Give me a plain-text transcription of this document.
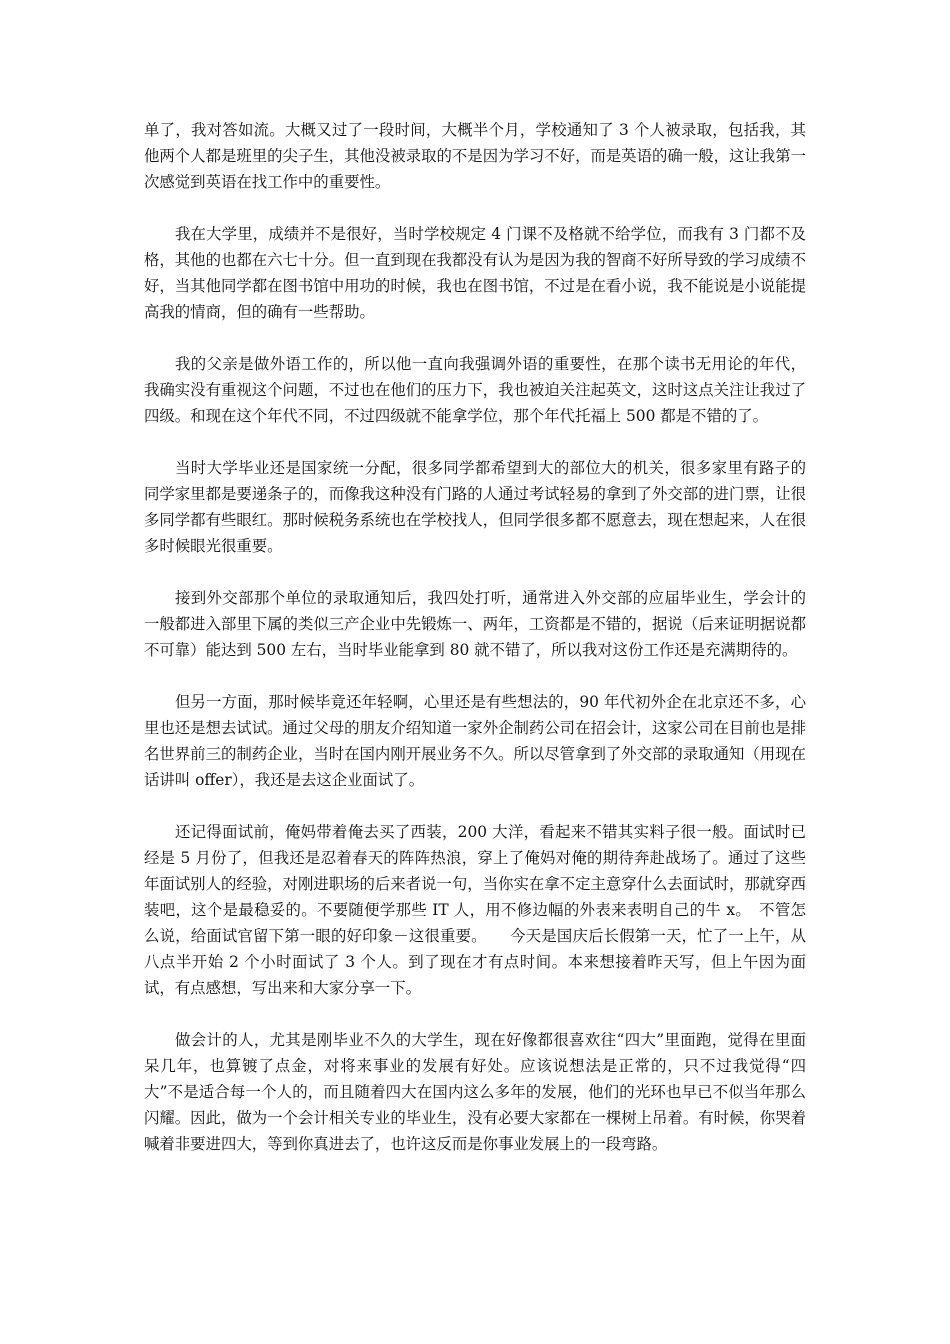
单了，我对答如流。大概又过了一段时间，大概半个月，学校通知了 3 个人被录取，包括我，其他两个人都是班里的尖子生，其他没被录取的不是因为学习不好，而是英语的确一般，这让我第一次感觉到英语在找工作中的重要性。

我在大学里，成绩并不是很好，当时学校规定 4 门课不及格就不给学位，而我有 3 门都不及格，其他的也都在六七十分。但一直到现在我都没有认为是因为我的智商不好所导致的学习成绩不好，当其他同学都在图书馆中用功的时候，我也在图书馆，不过是在看小说，我不能说是小说能提高我的情商，但的确有一些帮助。

我的父亲是做外语工作的，所以他一直向我强调外语的重要性，在那个读书无用论的年代，我确实没有重视这个问题，不过也在他们的压力下，我也被迫关注起英文，这时这点关注让我过了四级。和现在这个年代不同，不过四级就不能拿学位，那个年代托福上 500 都是不错的了。

当时大学毕业还是国家统一分配，很多同学都希望到大的部位大的机关，很多家里有路子的同学家里都是要递条子的，而像我这种没有门路的人通过考试轻易的拿到了外交部的进门票，让很多同学都有些眼红。那时候税务系统也在学校找人，但同学很多都不愿意去，现在想起来，人在很多时候眼光很重要。

接到外交部那个单位的录取通知后，我四处打听，通常进入外交部的应届毕业生，学会计的一般都进入部里下属的类似三产企业中先锻炼一、两年，工资都是不错的，据说（后来证明据说都不可靠）能达到 500 左右，当时毕业能拿到 80 就不错了，所以我对这份工作还是充满期待的。

但另一方面，那时候毕竟还年轻啊，心里还是有些想法的，90 年代初外企在北京还不多，心里也还是想去试试。通过父母的朋友介绍知道一家外企制药公司在招会计，这家公司在目前也是排名世界前三的制药企业，当时在国内刚开展业务不久。所以尽管拿到了外交部的录取通知（用现在话讲叫 offer），我还是去这企业面试了。

还记得面试前，俺妈带着俺去买了西装，200 大洋，看起来不错其实料子很一般。面试时已经是 5 月份了，但我还是忍着春天的阵阵热浪，穿上了俺妈对俺的期待奔赴战场了。通过了这些年面试别人的经验，对刚进职场的后来者说一句，当你实在拿不定主意穿什么去面试时，那就穿西装吧，这个是最稳妥的。不要随便学那些 IT 人，用不修边幅的外表来表明自己的牛 x。　不管怎么说，给面试官留下第一眼的好印象－这很重要。　　今天是国庆后长假第一天，忙了一上午，从八点半开始 2 个小时面试了 3 个人。到了现在才有点时间。本来想接着昨天写，但上午因为面试，有点感想，写出来和大家分享一下。

做会计的人，尤其是刚毕业不久的大学生，现在好像都很喜欢往“四大”里面跑，觉得在里面呆几年，也算镀了点金，对将来事业的发展有好处。应该说想法是正常的，只不过我觉得“四大”不是适合每一个人的，而且随着四大在国内这么多年的发展，他们的光环也早已不似当年那么闪耀。因此，做为一个会计相关专业的毕业生，没有必要大家都在一棵树上吊着。有时候，你哭着喊着非要进四大，等到你真进去了，也许这反而是你事业发展上的一段弯路。
